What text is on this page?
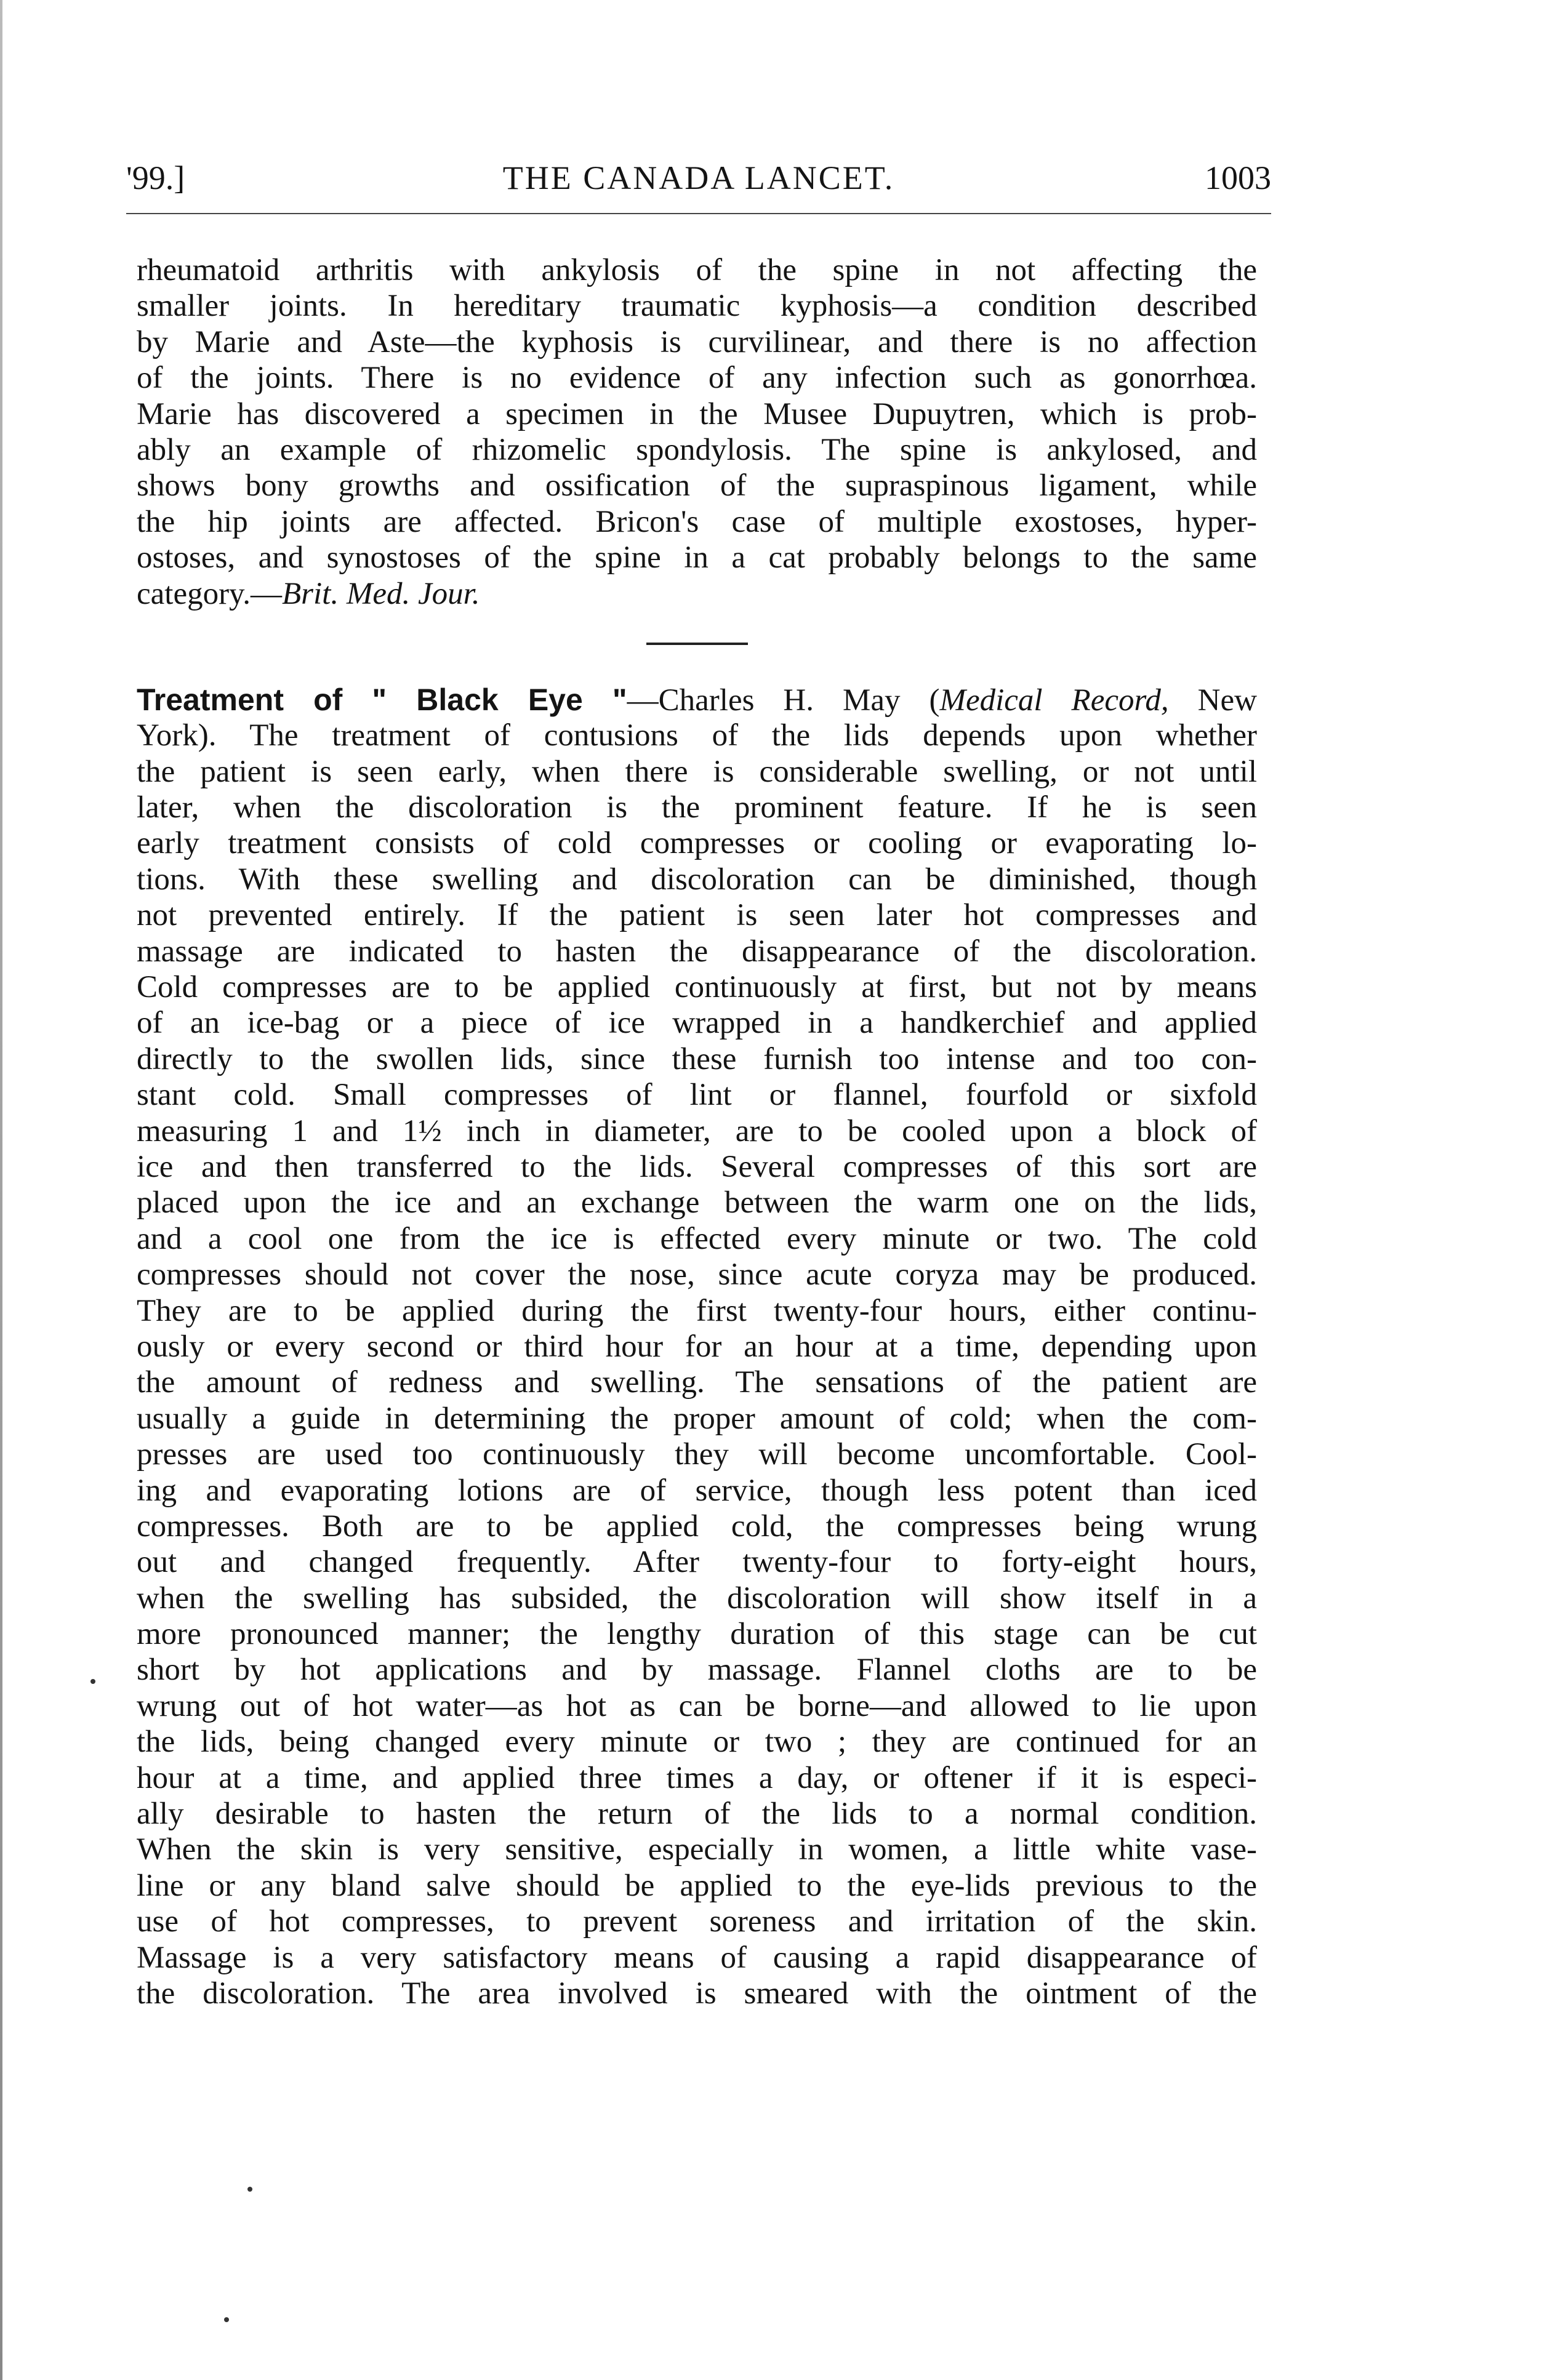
'99.]	THE CANADA LANCET.	1003
rheumatoid arthritis with ankylosis of the spine in not affecting the
smaller joints. In hereditary traumatic kyphosis—a condition described
by Marie and Aste—the kyphosis is curvilinear, and there is no affection
of the joints. There is no evidence of any infection such as gonorrhœa.
Marie has discovered a specimen in the Musee Dupuytren, which is prob-
ably an example of rhizomelic spondylosis. The spine is ankylosed, and
shows bony growths and ossification of the supraspinous ligament, while
the hip joints are affected. Bricon's case of multiple exostoses, hyper-
ostoses, and synostoses of the spine in a cat probably belongs to the same
category.—Brit. Med. Jour.
Treatment of " Black Eye "—Charles H. May (Medical Record, New
York). The treatment of contusions of the lids depends upon whether
the patient is seen early, when there is considerable swelling, or not until
later, when the discoloration is the prominent feature. If he is seen
early treatment consists of cold compresses or cooling or evaporating lo-
tions. With these swelling and discoloration can be diminished, though
not prevented entirely. If the patient is seen later hot compresses and
massage are indicated to hasten the disappearance of the discoloration.
Cold compresses are to be applied continuously at first, but not by means
of an ice-bag or a piece of ice wrapped in a handkerchief and applied
directly to the swollen lids, since these furnish too intense and too con-
stant cold. Small compresses of lint or flannel, fourfold or sixfold
measuring 1 and 1½ inch in diameter, are to be cooled upon a block of
ice and then transferred to the lids. Several compresses of this sort are
placed upon the ice and an exchange between the warm one on the lids,
and a cool one from the ice is effected every minute or two. The cold
compresses should not cover the nose, since acute coryza may be produced.
They are to be applied during the first twenty-four hours, either continu-
ously or every second or third hour for an hour at a time, depending upon
the amount of redness and swelling. The sensations of the patient are
usually a guide in determining the proper amount of cold; when the com-
presses are used too continuously they will become uncomfortable. Cool-
ing and evaporating lotions are of service, though less potent than iced
compresses. Both are to be applied cold, the compresses being wrung
out and changed frequently. After twenty-four to forty-eight hours,
when the swelling has subsided, the discoloration will show itself in a
more pronounced manner; the lengthy duration of this stage can be cut
short by hot applications and by massage. Flannel cloths are to be
wrung out of hot water—as hot as can be borne—and allowed to lie upon
the lids, being changed every minute or two ; they are continued for an
hour at a time, and applied three times a day, or oftener if it is especi-
ally desirable to hasten the return of the lids to a normal condition.
When the skin is very sensitive, especially in women, a little white vase-
line or any bland salve should be applied to the eye-lids previous to the
use of hot compresses, to prevent soreness and irritation of the skin.
Massage is a very satisfactory means of causing a rapid disappearance of
the discoloration. The area involved is smeared with the ointment of the
